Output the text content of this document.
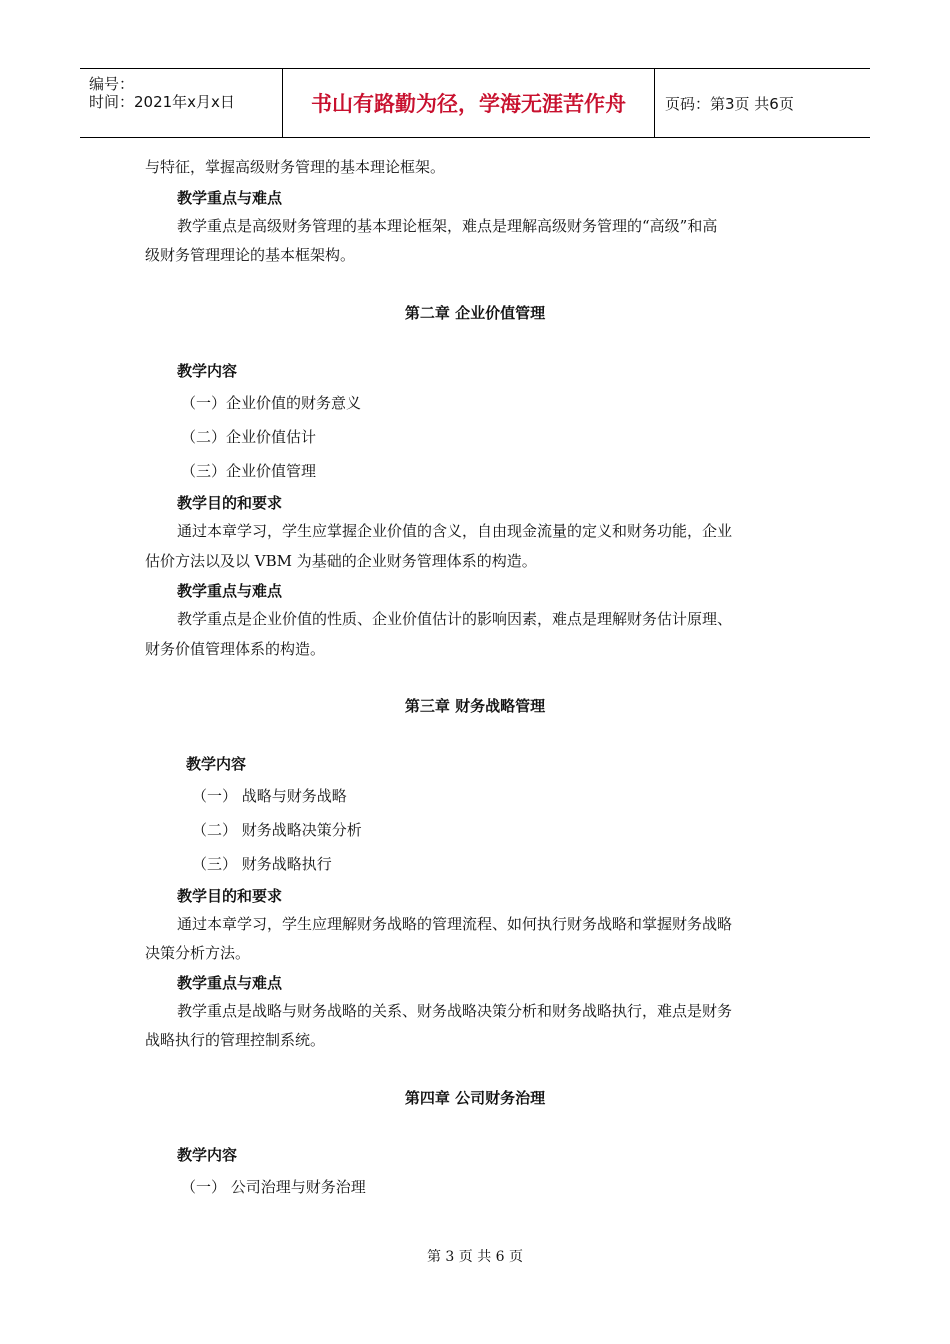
编号：
时间：2021年x月x日	书山有路勤为径，学海无涯苦作舟	页码：第3页 共6页
与特征，掌握高级财务管理的基本理论框架。
教学重点与难点
教学重点是高级财务管理的基本理论框架，难点是理解高级财务管理的“高级”和高
级财务管理理论的基本框架构。
第二章 企业价值管理
教学内容
（一）企业价值的财务意义
（二）企业价值估计
（三）企业价值管理
教学目的和要求
通过本章学习，学生应掌握企业价值的含义，自由现金流量的定义和财务功能，企业
估价方法以及以 VBM 为基础的企业财务管理体系的构造。
教学重点与难点
教学重点是企业价值的性质、企业价值估计的影响因素，难点是理解财务估计原理、
财务价值管理体系的构造。
第三章 财务战略管理
教学内容
（一） 战略与财务战略
（二） 财务战略决策分析
（三） 财务战略执行
教学目的和要求
通过本章学习，学生应理解财务战略的管理流程、如何执行财务战略和掌握财务战略
决策分析方法。
教学重点与难点
教学重点是战略与财务战略的关系、财务战略决策分析和财务战略执行，难点是财务
战略执行的管理控制系统。
第四章 公司财务治理
教学内容
（一） 公司治理与财务治理
第 3 页 共 6 页
